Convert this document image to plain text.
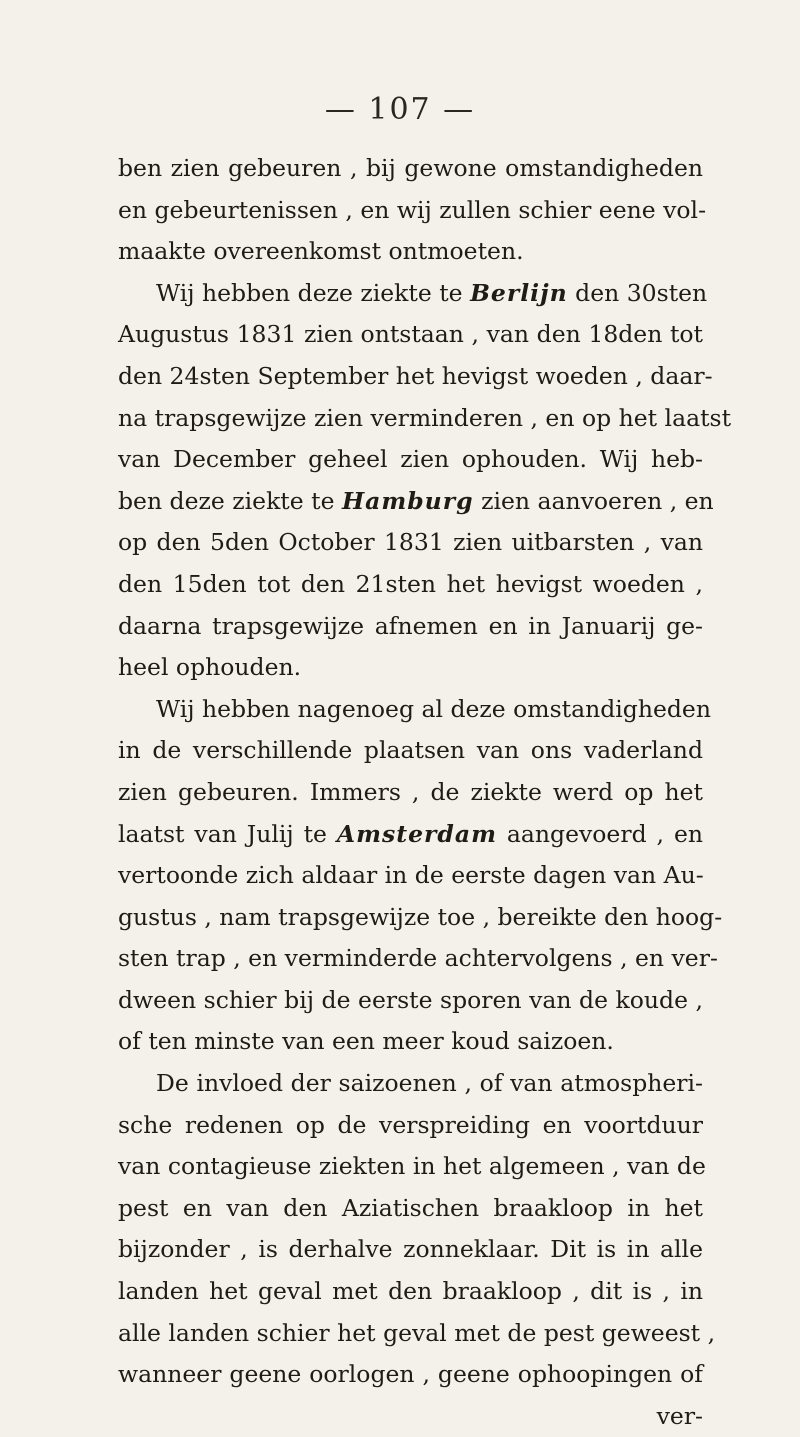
— 107 —
ben zien gebeuren , bij gewone omstandigheden
en gebeurtenissen , en wij zullen schier eene vol-
maakte overeenkomst ontmoeten.
Wij hebben deze ziekte te Berlijn den 30sten
Augustus 1831 zien ontstaan , van den 18den tot
den 24sten September het hevigst woeden , daar-
na trapsgewijze zien verminderen , en op het laatst
van December geheel zien ophouden. Wij heb-
ben deze ziekte te Hamburg zien aanvoeren , en
op den 5den October 1831 zien uitbarsten , van
den 15den tot den 21sten het hevigst woeden ,
daarna trapsgewijze afnemen en in Januarij ge-
heel ophouden.
Wij hebben nagenoeg al deze omstandigheden
in de verschillende plaatsen van ons vaderland
zien gebeuren. Immers , de ziekte werd op het
laatst van Julij te Amsterdam aangevoerd , en
vertoonde zich aldaar in de eerste dagen van Au-
gustus , nam trapsgewijze toe , bereikte den hoog-
sten trap , en verminderde achtervolgens , en ver-
dween schier bij de eerste sporen van de koude ,
of ten minste van een meer koud saizoen.
De invloed der saizoenen , of van atmospheri-
sche redenen op de verspreiding en voortduur
van contagieuse ziekten in het algemeen , van de
pest en van den Aziatischen braakloop in het
bijzonder , is derhalve zonneklaar. Dit is in alle
landen het geval met den braakloop , dit is , in
alle landen schier het geval met de pest geweest ,
wanneer geene oorlogen , geene ophoopingen of
ver-
